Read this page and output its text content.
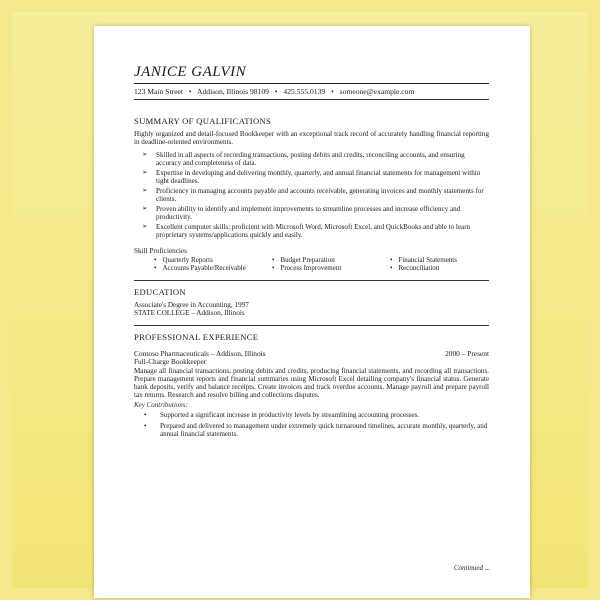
JANICE GALVIN
123 Main Street • Addison, Illinois 98109 • 425.555.0139 • someone@example.com
SUMMARY OF QUALIFICATIONS
Highly organized and detail-focused Bookkeeper with an exceptional track record of accurately handling financial reporting in deadline-oriented environments.
➢ Skilled in all aspects of recording transactions, posting debits and credits, reconciling accounts, and ensuring accuracy and completeness of data.
➢ Expertise in developing and delivering monthly, quarterly, and annual financial statements for management within tight deadlines.
➢ Proficiency in managing accounts payable and accounts receivable, generating invoices and monthly statements for clients.
➢ Proven ability to identify and implement improvements to streamline processes and increase efficiency and productivity.
➢ Excellent computer skills; proficient with Microsoft Word, Microsoft Excel, and QuickBooks and able to learn proprietary systems/applications quickly and easily.
Skill Proficiencies
• Quarterly Reports	• Budget Preparation	• Financial Statements
• Accounts Payable/Receivable	• Process Improvement	• Reconciliation
EDUCATION
Associate's Degree in Accounting, 1997
STATE COLLEGE – Addison, Illinois
PROFESSIONAL EXPERIENCE
Contoso Pharmaceuticals – Addison, Illinois	2000 – Present
Full-Charge Bookkeeper
Manage all financial transactions, posting debits and credits, producing financial statements, and recording all transactions. Prepare management reports and financial summaries using Microsoft Excel detailing company's financial status. Generate bank deposits, verify and balance receipts. Create invoices and track overdue accounts. Manage payroll and prepare payroll tax returns. Research and resolve billing and collections disputes.
Key Contributions:
• Supported a significant increase in productivity levels by streamlining accounting processes.
• Prepared and delivered to management under extremely quick turnaround timelines, accurate monthly, quarterly, and annual financial statements.
Continued ...
